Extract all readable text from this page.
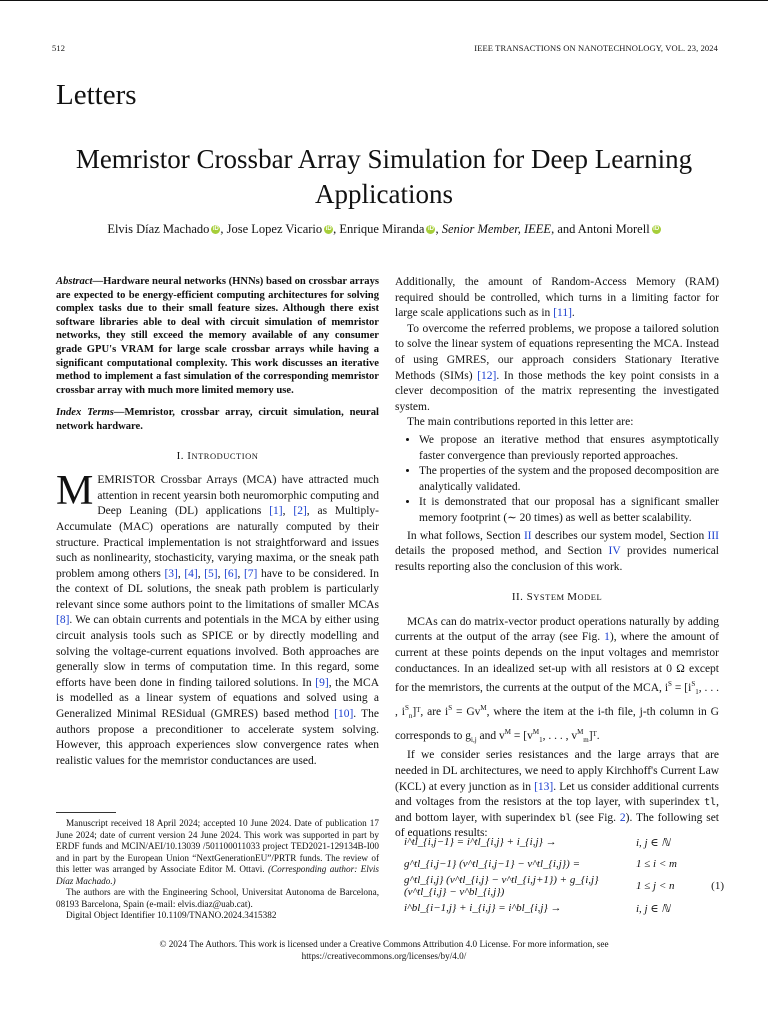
512	IEEE TRANSACTIONS ON NANOTECHNOLOGY, VOL. 23, 2024
Letters
Memristor Crossbar Array Simulation for Deep Learning Applications
Elvis Díaz Machado iD , Jose Lopez Vicario iD , Enrique Miranda iD , Senior Member, IEEE, and Antoni Morell iD
Abstract—Hardware neural networks (HNNs) based on crossbar arrays are expected to be energy-efficient computing architectures for solving complex tasks due to their small feature sizes. Although there exist software libraries able to deal with circuit simulation of memristor networks, they still exceed the memory available of any consumer grade GPU's VRAM for large scale crossbar arrays while having a significant computational complexity. This work discusses an iterative method to implement a fast simulation of the corresponding memristor crossbar array with much more limited memory use.
Index Terms—Memristor, crossbar array, circuit simulation, neural network hardware.
I. INTRODUCTION

MEMRISTOR Crossbar Arrays (MCA) have attracted much attention in recent yearsin both neuromorphic computing and Deep Leaning (DL) applications [1], [2], as Multiply-Accumulate (MAC) operations are naturally computed by their structure. Practical implementation is not straightforward and issues such as nonlinearity, stochasticity, varying maxima, or the sneak path problem among others [3], [4], [5], [6], [7] have to be considered. In the context of DL solutions, the sneak path problem is particularly relevant since some authors point to the limitations of smaller MCAs [8]. We can obtain currents and potentials in the MCA by either using circuit analysis tools such as SPICE or by directly modelling and solving the voltage-current equations involved. Both approaches are generally slow in terms of computation time. In this regard, some efforts have been done in finding tailored solutions. In [9], the MCA is modelled as a linear system of equations and solved using a Generalized Minimal RESidual (GMRES) based method [10]. The authors propose a preconditioner to accelerate system solving. However, this approach experiences slow convergence rates when realistic values for the memristor conductances are used.

Manuscript received 18 April 2024; accepted 10 June 2024. Date of publication 17 June 2024; date of current version 24 June 2024. This work was supported in part by ERDF funds and MCIN/AEI/10.13039 /501100011033 project TED2021-129134B-I00 and in part by the European Union “NextGenerationEU”/PRTR funds. The review of this letter was arranged by Associate Editor M. Ottavi. (Corresponding author: Elvis Díaz Machado.)

The authors are with the Engineering School, Universitat Autonoma de Barcelona, 08193 Barcelona, Spain (e-mail: elvis.diaz@uab.cat).

Digital Object Identifier 10.1109/TNANO.2024.3415382

Additionally, the amount of Random-Access Memory (RAM) required should be controlled, which turns in a limiting factor for large scale applications such as in [11].

To overcome the referred problems, we propose a tailored solution to solve the linear system of equations representing the MCA. Instead of using GMRES, our approach considers Stationary Iterative Methods (SIMs) [12]. In those methods the key point consists in a clever decomposition of the matrix representing the investigated system.

The main contributions reported in this letter are:

• We propose an iterative method that ensures asymptotically faster convergence than previously reported approaches.
• The properties of the system and the proposed decomposition are analytically validated.
• It is demonstrated that our proposal has a significant smaller memory footprint (∼ 20 times) as well as better scalability.

In what follows, Section II describes our system model, Section III details the proposed method, and Section IV provides numerical results reporting also the conclusion of this work.

II. SYSTEM MODEL

MCAs can do matrix-vector product operations naturally by adding currents at the output of the array (see Fig. 1), where the amount of current at these points depends on the input voltages and memristor conductances. In an idealized set-up with all resistors at 0 Ω except for the memristors, the currents at the output of the MCA, $i^S = [i^S_1$, . . . , $i^S_n]ᵀ$, are $i^S = Gv^M$, where the item at the i-th file, j-th column in G corresponds to $g_{i,j}$ and $v^M = [v^M_1$, . . . , $v^M_m]ᵀ$.

If we consider series resistances and the large arrays that are needed in DL architectures, we need to apply Kirchhoff's Current Law (KCL) at every junction as in [13]. Let us consider additional currents and voltages from the resistors at the top layer, with superindex tl, and bottom layer, with superindex bl (see Fig. 2). The following set of equations results:

i^tl_{i,j−1} = i^tl_{i,j} + i_{i,j} →	i, j ∈ ℕ
g^tl_{i,j−1} (v^tl_{i,j−1} − v^tl_{i,j}) =	1 ≤ i < m
g^tl_{i,j} (v^tl_{i,j} − v^tl_{i,j+1}) + g_{i,j} (v^tl_{i,j} − v^bl_{i,j})	1 ≤ j < n	(1)
i^bl_{i−1,j} + i_{i,j} = i^bl_{i,j} →	i, j ∈ ℕ
© 2024 The Authors. This work is licensed under a Creative Commons Attribution 4.0 License. For more information, see
https://creativecommons.org/licenses/by/4.0/
